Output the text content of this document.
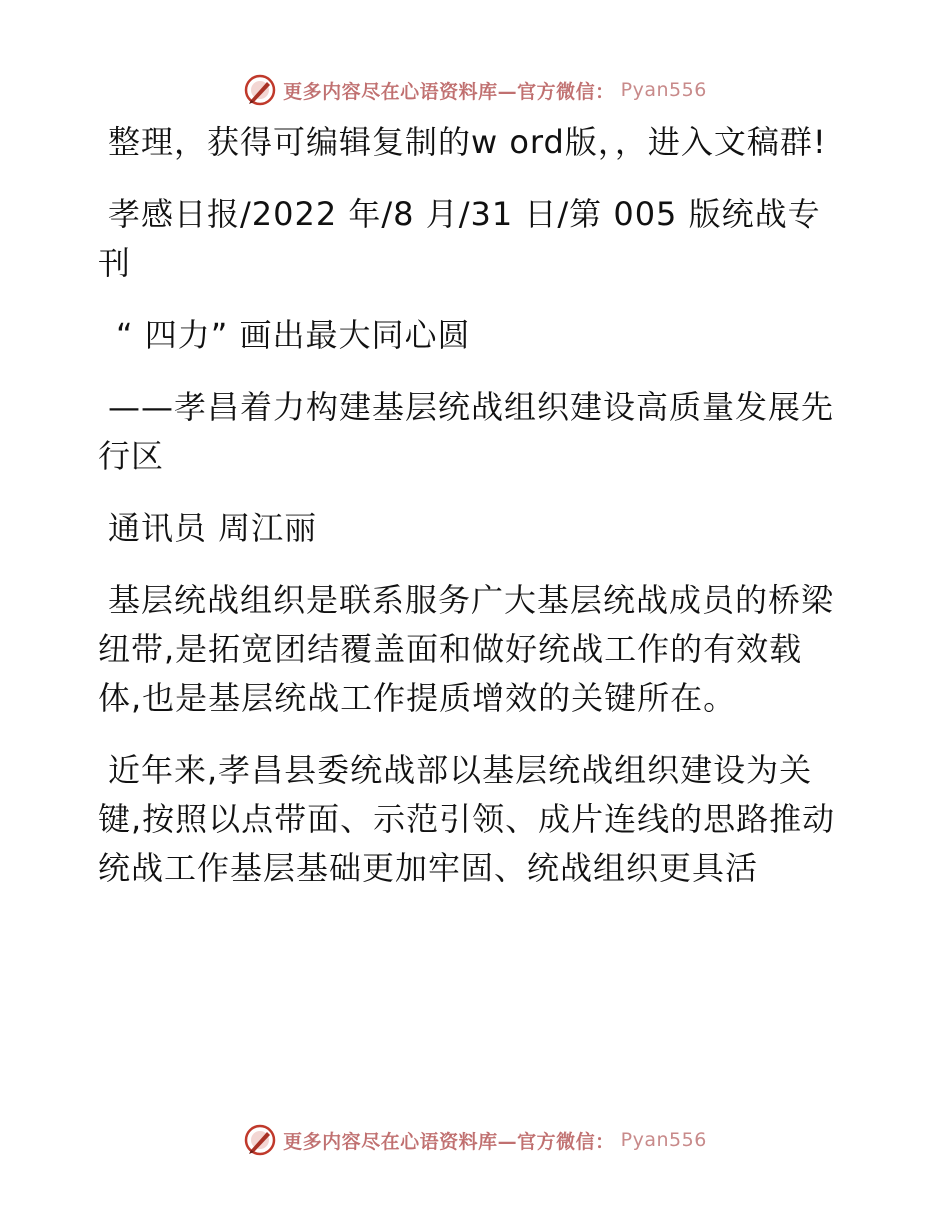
更多内容尽在心语资料库—官方微信： Pyan556

整理，获得可编辑复制的w ord版，，进入文稿群!

孝感日报/2022 年/8 月/31 日/第 005 版统战专刊

“ 四力” 画出最大同心圆

——孝昌着力构建基层统战组织建设高质量发展先行区

通讯员 周江丽

基层统战组织是联系服务广大基层统战成员的桥梁纽带,是拓宽团结覆盖面和做好统战工作的有效载体,也是基层统战工作提质增效的关键所在。

近年来,孝昌县委统战部以基层统战组织建设为关键,按照以点带面、示范引领、成片连线的思路推动统战工作基层基础更加牢固、统战组织更具活

更多内容尽在心语资料库—官方微信： Pyan556
